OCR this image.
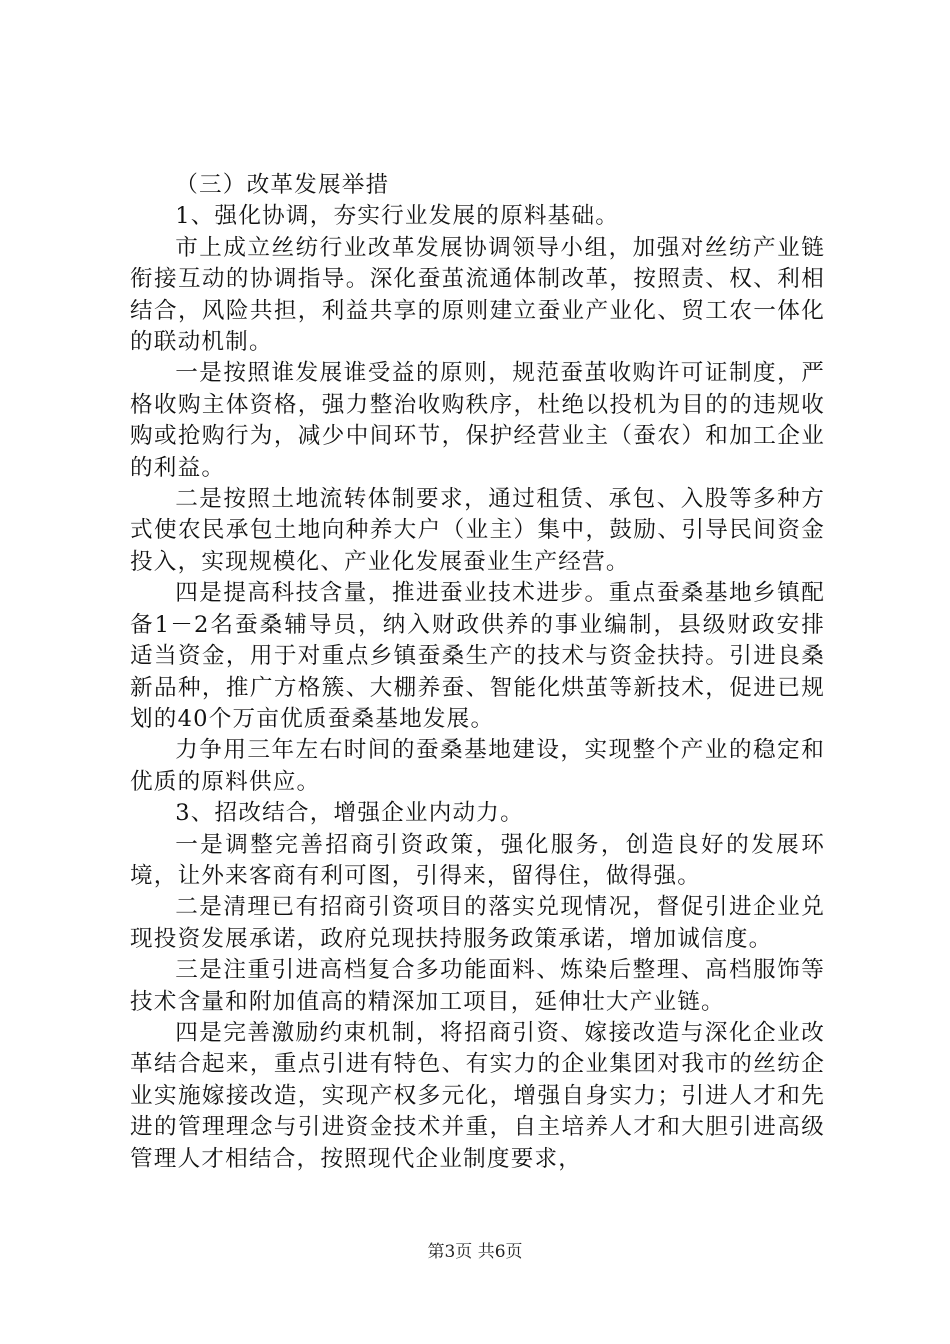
（三）改革发展举措

1、强化协调，夯实行业发展的原料基础。

市上成立丝纺行业改革发展协调领导小组，加强对丝纺产业链衔接互动的协调指导。深化蚕茧流通体制改革，按照责、权、利相结合，风险共担，利益共享的原则建立蚕业产业化、贸工农一体化的联动机制。

一是按照谁发展谁受益的原则，规范蚕茧收购许可证制度，严格收购主体资格，强力整治收购秩序，杜绝以投机为目的的违规收购或抢购行为，减少中间环节，保护经营业主（蚕农）和加工企业的利益。

二是按照土地流转体制要求，通过租赁、承包、入股等多种方式使农民承包土地向种养大户（业主）集中，鼓励、引导民间资金投入，实现规模化、产业化发展蚕业生产经营。

四是提高科技含量，推进蚕业技术进步。重点蚕桑基地乡镇配备1－2名蚕桑辅导员，纳入财政供养的事业编制，县级财政安排适当资金，用于对重点乡镇蚕桑生产的技术与资金扶持。引进良桑新品种，推广方格簇、大棚养蚕、智能化烘茧等新技术，促进已规划的40个万亩优质蚕桑基地发展。

力争用三年左右时间的蚕桑基地建设，实现整个产业的稳定和优质的原料供应。

3、招改结合，增强企业内动力。

一是调整完善招商引资政策，强化服务，创造良好的发展环境，让外来客商有利可图，引得来，留得住，做得强。

二是清理已有招商引资项目的落实兑现情况，督促引进企业兑现投资发展承诺，政府兑现扶持服务政策承诺，增加诚信度。

三是注重引进高档复合多功能面料、炼染后整理、高档服饰等技术含量和附加值高的精深加工项目，延伸壮大产业链。

四是完善激励约束机制，将招商引资、嫁接改造与深化企业改革结合起来，重点引进有特色、有实力的企业集团对我市的丝纺企业实施嫁接改造，实现产权多元化，增强自身实力；引进人才和先进的管理理念与引进资金技术并重，自主培养人才和大胆引进高级管理人才相结合，按照现代企业制度要求，

第3页 共6页
